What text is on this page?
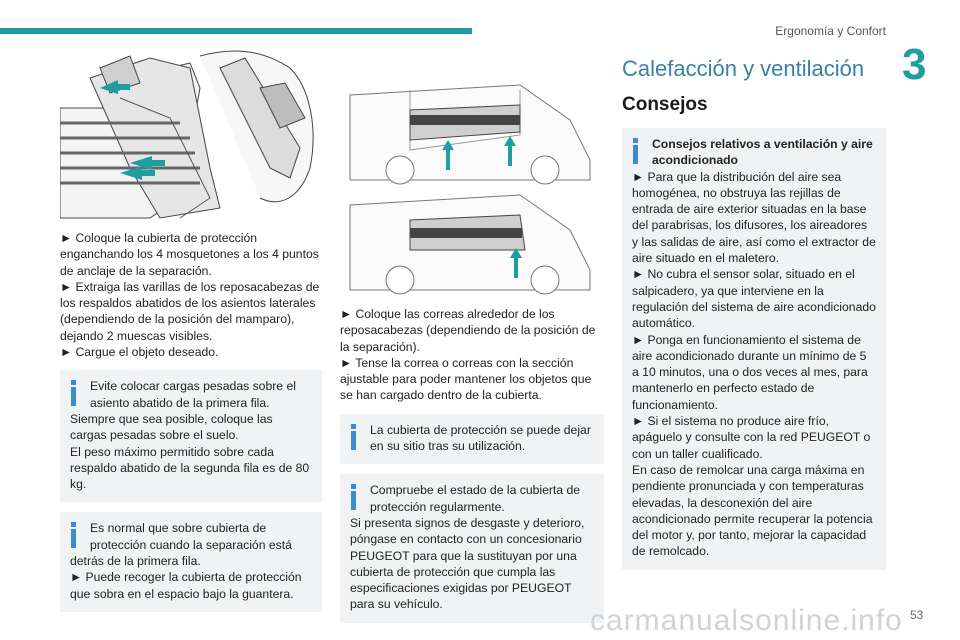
Ergonomía y Confort
3
► Coloque la cubierta de protección enganchando los 4 mosquetones a los 4 puntos de anclaje de la separación.
► Extraiga las varillas de los reposacabezas de los respaldos abatidos de los asientos laterales (dependiendo de la posición del mamparo), dejando 2 muescas visibles.
► Cargue el objeto deseado.
Evite colocar cargas pesadas sobre el asiento abatido de la primera fila.
Siempre que sea posible, coloque las cargas pesadas sobre el suelo.
El peso máximo permitido sobre cada respaldo abatido de la segunda fila es de 80 kg.
Es normal que sobre cubierta de protección cuando la separación está
detrás de la primera fila.
► Puede recoger la cubierta de protección que sobra en el espacio bajo la guantera.
► Coloque las correas alrededor de los reposacabezas (dependiendo de la posición de la separación).
► Tense la correa o correas con la sección ajustable para poder mantener los objetos que se han cargado dentro de la cubierta.
La cubierta de protección se puede dejar en su sitio tras su utilización.
Compruebe el estado de la cubierta de protección regularmente.
Si presenta signos de desgaste y deterioro, póngase en contacto con un concesionario PEUGEOT para que la sustituyan por una cubierta de protección que cumpla las especificaciones exigidas por PEUGEOT para su vehículo.
Calefacción y ventilación
Consejos
Consejos relativos a ventilación y aire acondicionado
► Para que la distribución del aire sea homogénea, no obstruya las rejillas de entrada de aire exterior situadas en la base del parabrisas, los difusores, los aireadores y las salidas de aire, así como el extractor de aire situado en el maletero.
► No cubra el sensor solar, situado en el salpicadero, ya que interviene en la regulación del sistema de aire acondicionado automático.
► Ponga en funcionamiento el sistema de aire acondicionado durante un mínimo de 5 a 10 minutos, una o dos veces al mes, para mantenerlo en perfecto estado de funcionamiento.
► Si el sistema no produce aire frío, apáguelo y consulte con la red PEUGEOT o con un taller cualificado.
En caso de remolcar una carga máxima en pendiente pronunciada y con temperaturas elevadas, la desconexión del aire acondicionado permite recuperar la potencia del motor y, por tanto, mejorar la capacidad de remolcado.
carmanualsonline.info 53
